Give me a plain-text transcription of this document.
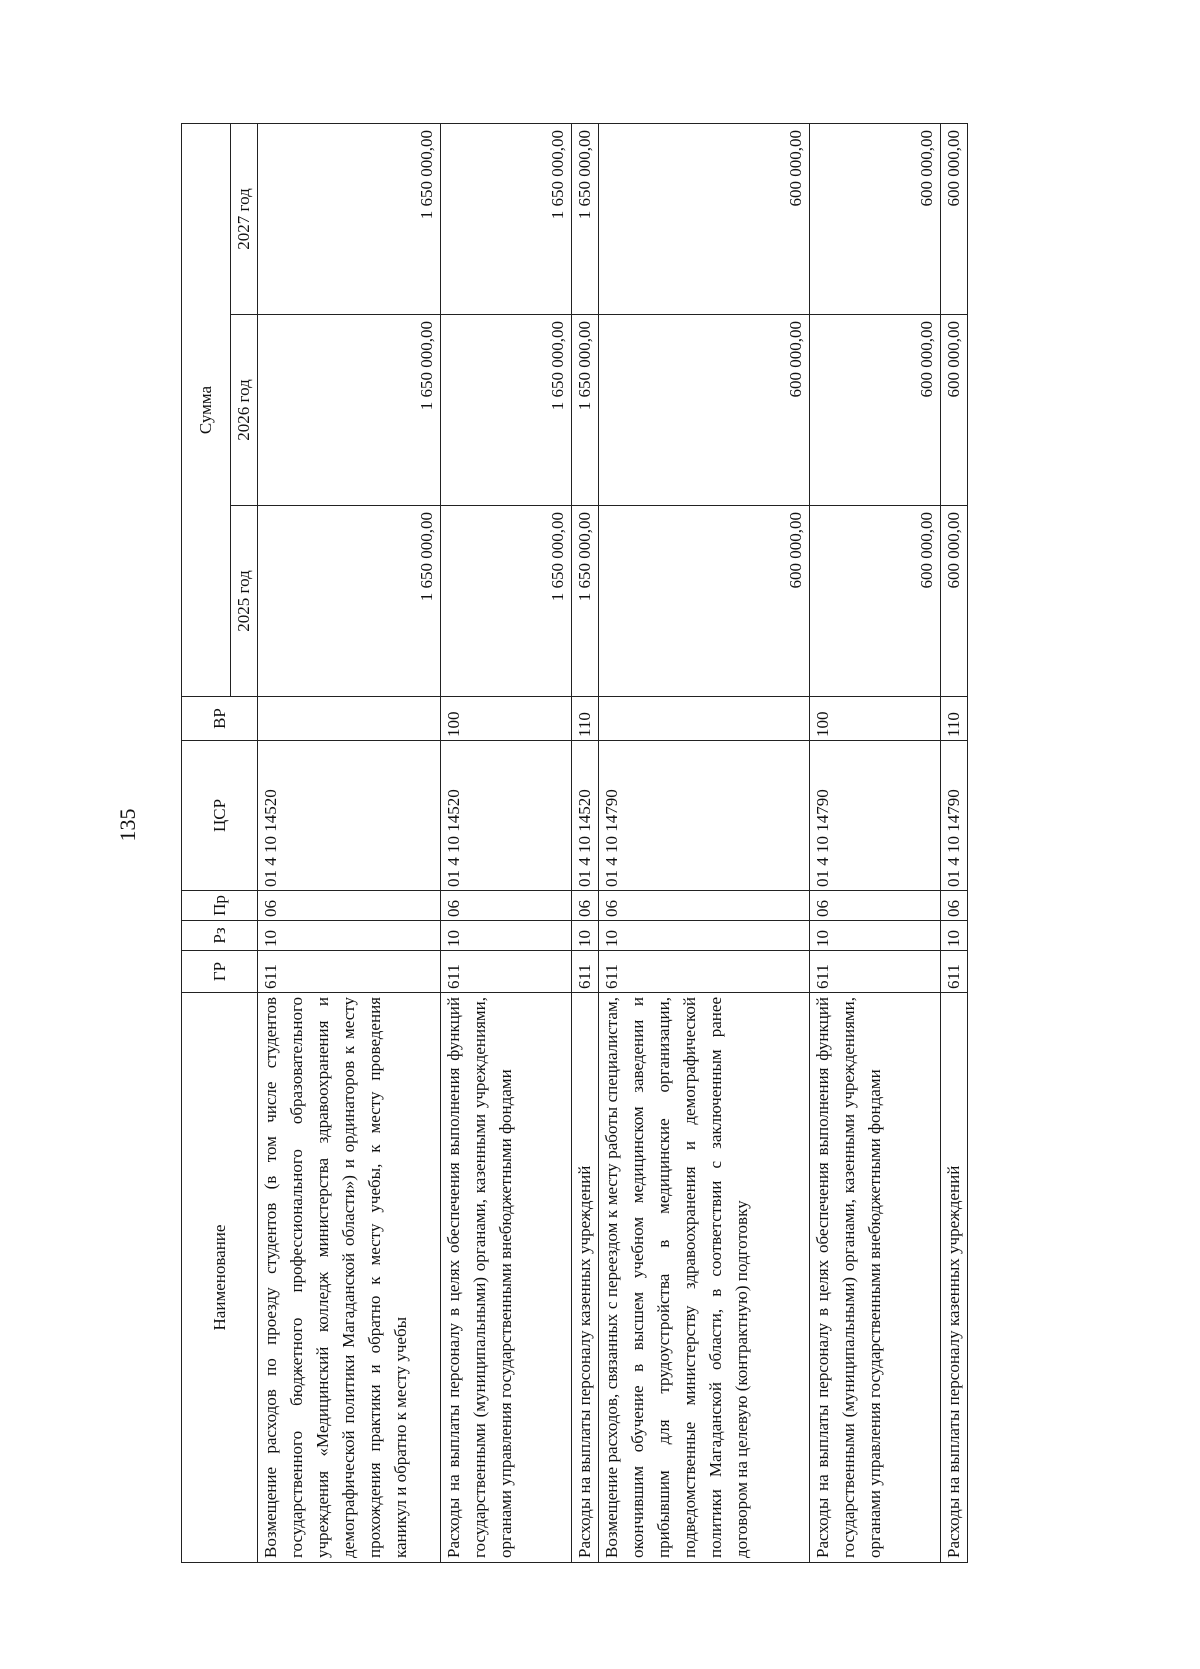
135
Наименование	ГР	Рз	Пр	ЦСР	ВР	Сумма		
						2025 год	2026 год	2027 год
Возмещение расходов по проезду студентов (в том числе студентов государственного бюджетного профессионального образовательного учреждения «Медицинский колледж министерства здравоохранения и демографической политики Магаданской области») и ординаторов к месту прохождения практики и обратно к месту учебы, к месту проведения каникул и обратно к месту учебы	611	10	06	01 4 10 14520		1 650 000,00	1 650 000,00	1 650 000,00
Расходы на выплаты персоналу в целях обеспечения выполнения функций государственными (муниципальными) органами, казенными учреждениями, органами управления государственными внебюджетными фондами	611	10	06	01 4 10 14520	100	1 650 000,00	1 650 000,00	1 650 000,00
Расходы на выплаты персоналу казенных учреждений	611	10	06	01 4 10 14520	110	1 650 000,00	1 650 000,00	1 650 000,00
Возмещение расходов, связанных с переездом к месту работы специалистам, окончившим обучение в высшем учебном медицинском заведении и прибывшим для трудоустройства в медицинские организации, подведомственные министерству здравоохранения и демографической политики Магаданской области, в соответствии с заключенным ранее договором на целевую (контрактную) подготовку	611	10	06	01 4 10 14790		600 000,00	600 000,00	600 000,00
Расходы на выплаты персоналу в целях обеспечения выполнения функций государственными (муниципальными) органами, казенными учреждениями, органами управления государственными внебюджетными фондами	611	10	06	01 4 10 14790	100	600 000,00	600 000,00	600 000,00
Расходы на выплаты персоналу казенных учреждений	611	10	06	01 4 10 14790	110	600 000,00	600 000,00	600 000,00
